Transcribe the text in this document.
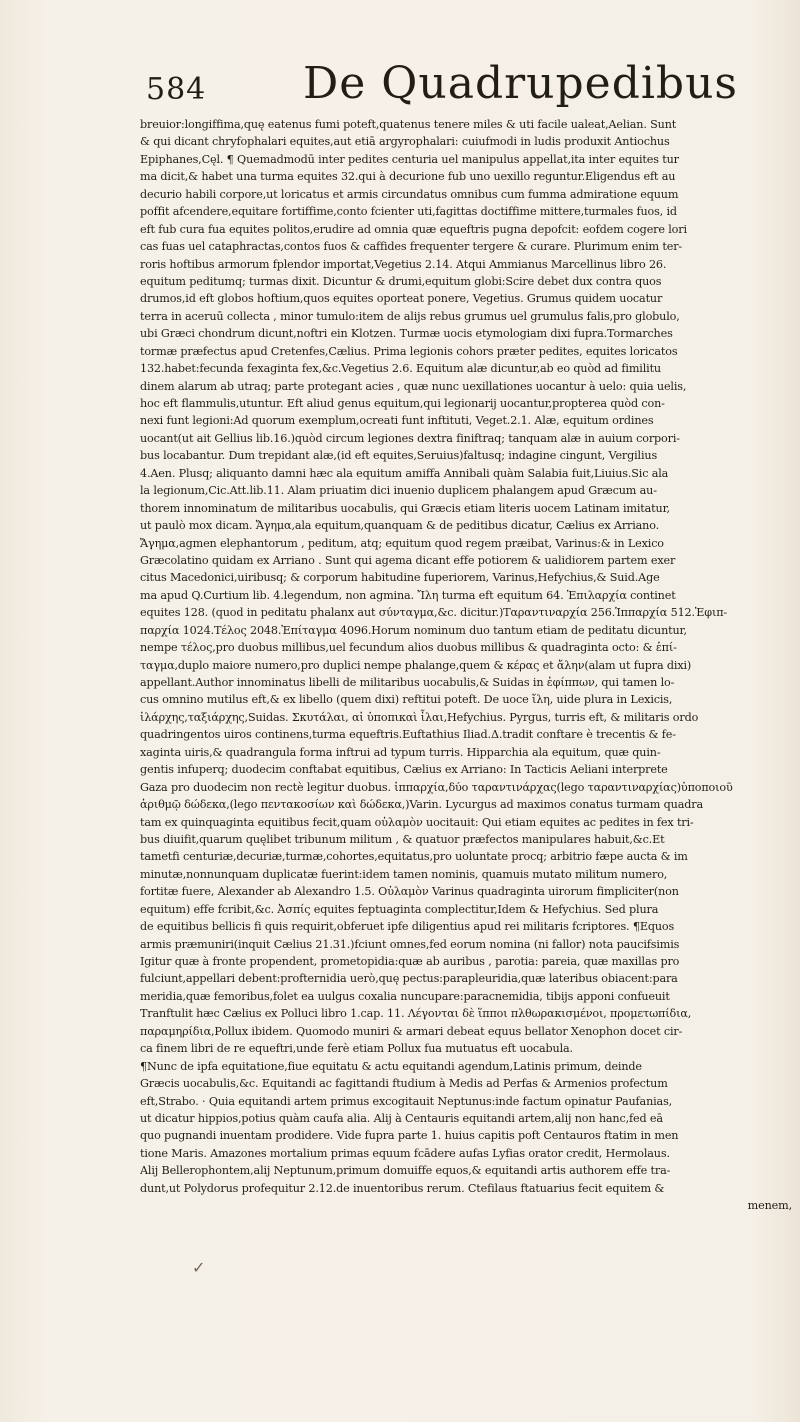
584 De Quadrupedibus
breuior:longiffima,quę eatenus fumi poteft,quatenus tenere miles & uti facile ualeat,Aelian. Sunt
& qui dicant chryfophalari equites,aut etiā argyrophalari: cuiufmodi in ludis produxit Antiochus
Epiphanes,Cęl. ¶ Quemadmodū inter pedites centuria uel manipulus appellat,ita inter equites tur
ma dicit,& habet una turma equites 32.qui à decurione fub uno uexillo reguntur.Eligendus eft au
decurio habili corpore,ut loricatus et armis circundatus omnibus cum fumma admiratione equum
poffit afcendere,equitare fortiffime,conto fcienter uti,fagittas doctiffime mittere,turmales fuos, id
eft fub cura fua equites politos,erudire ad omnia quæ equeftris pugna depofcit: eofdem cogere lori
cas fuas uel cataphractas,contos fuos & caffides frequenter tergere & curare. Plurimum enim ter-
roris hoftibus armorum fplendor importat,Vegetius 2.14. Atqui Ammianus Marcellinus libro 26.
equitum peditumq; turmas dixit. Dicuntur & drumi,equitum globi:Scire debet dux contra quos
drumos,id eft globos hoftium,quos equites oporteat ponere, Vegetius. Grumus quidem uocatur
terra in aceruū collecta , minor tumulo:item de alijs rebus grumus uel grumulus falis,pro globulo,
ubi Græci chondrum dicunt,noftri ein Klotzen. Turmæ uocis etymologiam dixi fupra.Tormarches
tormæ præfectus apud Cretenfes,Cælius. Prima legionis cohors præter pedites, equites loricatos
132.habet:fecunda fexaginta fex,&c.Vegetius 2.6. Equitum alæ dicuntur,ab eo quòd ad fimilitu
dinem alarum ab utraq; parte protegant acies , quæ nunc uexillationes uocantur à uelo: quia uelis,
hoc eft flammulis,utuntur. Eft aliud genus equitum,qui legionarij uocantur,propterea quòd con-
nexi funt legioni:Ad quorum exemplum,ocreati funt inftituti, Veget.2.1. Alæ, equitum ordines
uocant(ut ait Gellius lib.16.)quòd circum legiones dextra finiftraq; tanquam alæ in auium corpori-
bus locabantur. Dum trepidant alæ,(id eft equites,Seruius)faltusq; indagine cingunt, Vergilius
4.Aen. Plusq; aliquanto damni hæc ala equitum amiffa Annibali quàm Salabia fuit,Liuius.Sic ala
la legionum,Cic.Att.lib.11. Alam priuatim dici inuenio duplicem phalangem apud Græcum au-
thorem innominatum de militaribus uocabulis, qui Græcis etiam literis uocem Latinam imitatur,
ut paulò mox dicam. Ἄγημα,ala equitum,quanquam & de peditibus dicatur, Cælius ex Arriano.
Ἄγημα,agmen elephantorum , peditum, atq; equitum quod regem præibat, Varinus:& in Lexico
Græcolatino quidam ex Arriano . Sunt qui agema dicant effe potiorem & ualidiorem partem exer
citus Macedonici,uiribusq; & corporum habitudine fuperiorem, Varinus,Hefychius,& Suid.Age
ma apud Q.Curtium lib. 4.legendum, non agmina. Ἴλη turma eft equitum 64. Ἐπιλαρχία continet
equites 128. (quod in peditatu phalanx aut σύνταγμα,&c. dicitur.)Ταραντιναρχία 256.Ἱππαρχία 512.Ἐφιπ-
παρχία 1024.Τέλος 2048.Ἐπίταγμα 4096.Horum nominum duo tantum etiam de peditatu dicuntur,
nempe τέλος,pro duobus millibus,uel fecundum alios duobus millibus & quadraginta octo: & ἐπί-
ταγμα,duplo maiore numero,pro duplici nempe phalange,quem & κέρας et ἄλην(alam ut fupra dixi)
appellant.Author innominatus libelli de militaribus uocabulis,& Suidas in ἐφίππων, qui tamen lo-
cus omnino mutilus eft,& ex libello (quem dixi) reftitui poteft. De uoce ἴλη, uide plura in Lexicis,
ἰλάρχης,ταξιάρχης,Suidas. Σκυτάλαι, αἱ ὑποπικαὶ ἶλαι,Hefychius. Pyrgus, turris eft, & militaris ordo
quadringentos uiros continens,turma equeftris.Euftathius Iliad.Δ.tradit conftare è trecentis & fe-
xaginta uiris,& quadrangula forma inftrui ad typum turris. Hipparchia ala equitum, quæ quin-
gentis infuperq; duodecim conftabat equitibus, Cælius ex Arriano: In Tacticis Aeliani interprete
Gaza pro duodecim non rectè legitur duobus. ἱππαρχία,δύο ταραντινάρχας(lego ταραντιναρχίας)ὑποποιοῦ
ἀριθμῷ δώδεκα,(lego πεντακοσίων καὶ δώδεκα,)Varin. Lycurgus ad maximos conatus turmam quadra
tam ex quinquaginta equitibus fecit,quam οὐλαμὸν uocitauit: Qui etiam equites ac pedites in fex tri-
bus diuifit,quarum quęlibet tribunum militum , & quatuor præfectos manipulares habuit,&c.Et
tametfi centuriæ,decuriæ,turmæ,cohortes,equitatus,pro uoluntate procq; arbitrio fæpe aucta & im
minutæ,nonnunquam duplicatæ fuerint:idem tamen nominis, quamuis mutato militum numero,
fortitæ fuere, Alexander ab Alexandro 1.5. Οὐλαμὸν Varinus quadraginta uirorum fimpliciter(non
equitum) effe fcribit,&c. Ἀσπίς equites feptuaginta complectitur,Idem & Hefychius. Sed plura
de equitibus bellicis fi quis requirit,obferuet ipfe diligentius apud rei militaris fcriptores. ¶Equos
armis præmuniri(inquit Cælius 21.31.)fciunt omnes,fed eorum nomina (ni fallor) nota paucifsimis
Igitur quæ à fronte propendent, prometopidia:quæ ab auribus , parotia: pareia, quæ maxillas pro
fulciunt,appellari debent:profternidia uerò,quę pectus:parapleuridia,quæ lateribus obiacent:para
meridia,quæ femoribus,folet ea uulgus coxalia nuncupare:paracnemidia, tibijs apponi confueuit
Tranftulit hæc Cælius ex Polluci libro 1.cap. 11. Λέγονται δὲ ἵπποι πλθωρακισμένοι, προμετωπίδια,
παραμηρίδια,Pollux ibidem. Quomodo muniri & armari debeat equus bellator Xenophon docet cir-
ca finem libri de re equeftri,unde ferè etiam Pollux fua mutuatus eft uocabula.
¶Nunc de ipfa equitatione,fiue equitatu & actu equitandi agendum,Latinis primum, deinde
Græcis uocabulis,&c. Equitandi ac fagittandi ftudium à Medis ad Perfas & Armenios profectum
eft,Strabo. · Quia equitandi artem primus excogitauit Neptunus:inde factum opinatur Paufanias,
ut dicatur hippios,potius quàm caufa alia. Alij à Centauris equitandi artem,alij non hanc,fed eā
quo pugnandi inuentam prodidere. Vide fupra parte 1. huius capitis poft Centauros ftatim in men
tione Maris. Amazones mortalium primas equum fcādere aufas Lyfias orator credit, Hermolaus.
Alij Bellerophontem,alij Neptunum,primum domuiffe equos,& equitandi artis authorem effe tra-
dunt,ut Polydorus profequitur 2.12.de inuentoribus rerum. Ctefilaus ftatuarius fecit equitem &
menem,
✓
